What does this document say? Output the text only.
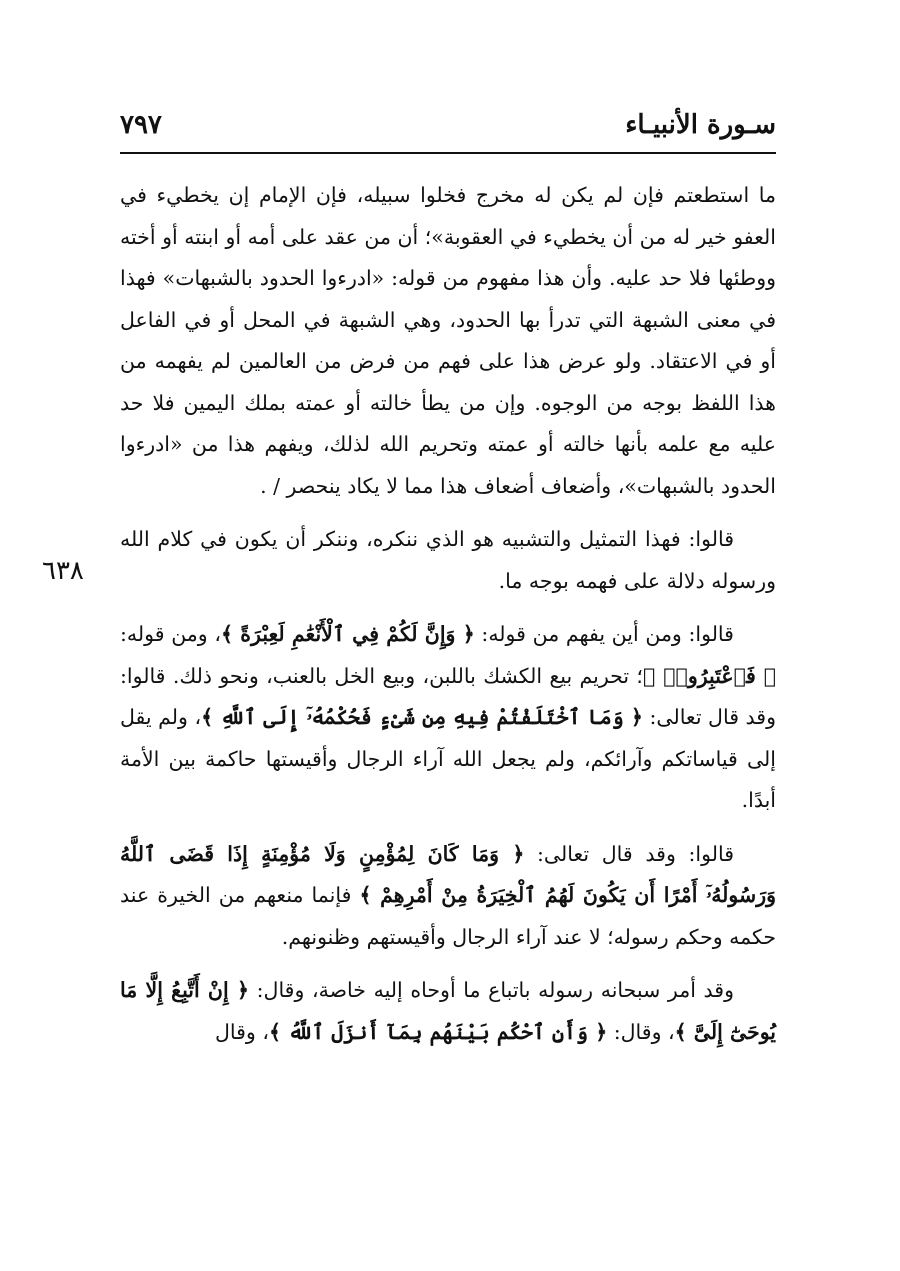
سـورة الأنبيـاء
٧٩٧
٦٣٨

ما استطعتم فإن لم يكن له مخرج فخلوا سبيله، فإن الإمام إن يخطيء في العفو خير له من أن يخطيء في العقوبة»؛ أن من عقد على أمه أو ابنته أو أخته ووطئها فلا حد عليه. وأن هذا مفهوم من قوله: «ادرءوا الحدود بالشبهات» فهذا في معنى الشبهة التي تدرأ بها الحدود، وهي الشبهة في المحل أو في الفاعل أو في الاعتقاد. ولو عرض هذا على فهم من فرض من العالمين لم يفهمه من هذا اللفظ بوجه من الوجوه. وإن من يطأ خالته أو عمته بملك اليمين فلا حد عليه مع علمه بأنها خالته أو عمته وتحريم الله لذلك، ويفهم هذا من «ادرءوا الحدود بالشبهات»، وأضعاف أضعاف هذا مما لا يكاد ينحصر / .

قالوا: فهذا التمثيل والتشبيه هو الذي ننكره، وننكر أن يكون في كلام الله ورسوله دلالة على فهمه بوجه ما.

قالوا: ومن أين يفهم من قوله: ﴿ وَإِنَّ لَكُمْ فِي ٱلْأَنْعَٰمِ لَعِبْرَةً ﴾، ومن قوله: ﴿ فَٱعْتَبِرُوا۟ ﴾؛ تحريم بيع الكشك باللبن، وبيع الخل بالعنب، ونحو ذلك. قالوا: وقد قال تعالى: ﴿ وَمَا ٱخْتَلَفْتُمْ فِيهِ مِن شَىْءٍ فَحُكْمُهُۥٓ إِلَى ٱللَّهِ ﴾، ولم يقل إلى قياساتكم وآرائكم، ولم يجعل الله آراء الرجال وأقيستها حاكمة بين الأمة أبدًا.

قالوا: وقد قال تعالى: ﴿ وَمَا كَانَ لِمُؤْمِنٍ وَلَا مُؤْمِنَةٍ إِذَا قَضَى ٱللَّهُ وَرَسُولُهُۥٓ أَمْرًا أَن يَكُونَ لَهُمُ ٱلْخِيَرَةُ مِنْ أَمْرِهِمْ ﴾ فإنما منعهم من الخيرة عند حكمه وحكم رسوله؛ لا عند آراء الرجال وأقيستهم وظنونهم.

وقد أمر سبحانه رسوله باتباع ما أوحاه إليه خاصة، وقال: ﴿ إِنْ أَتَّبِعُ إِلَّا مَا يُوحَىٰٓ إِلَىَّ ﴾، وقال: ﴿ وَأَنِ ٱحْكُم بَيْنَهُم بِمَآ أَنزَلَ ٱللَّهُ ﴾، وقال
